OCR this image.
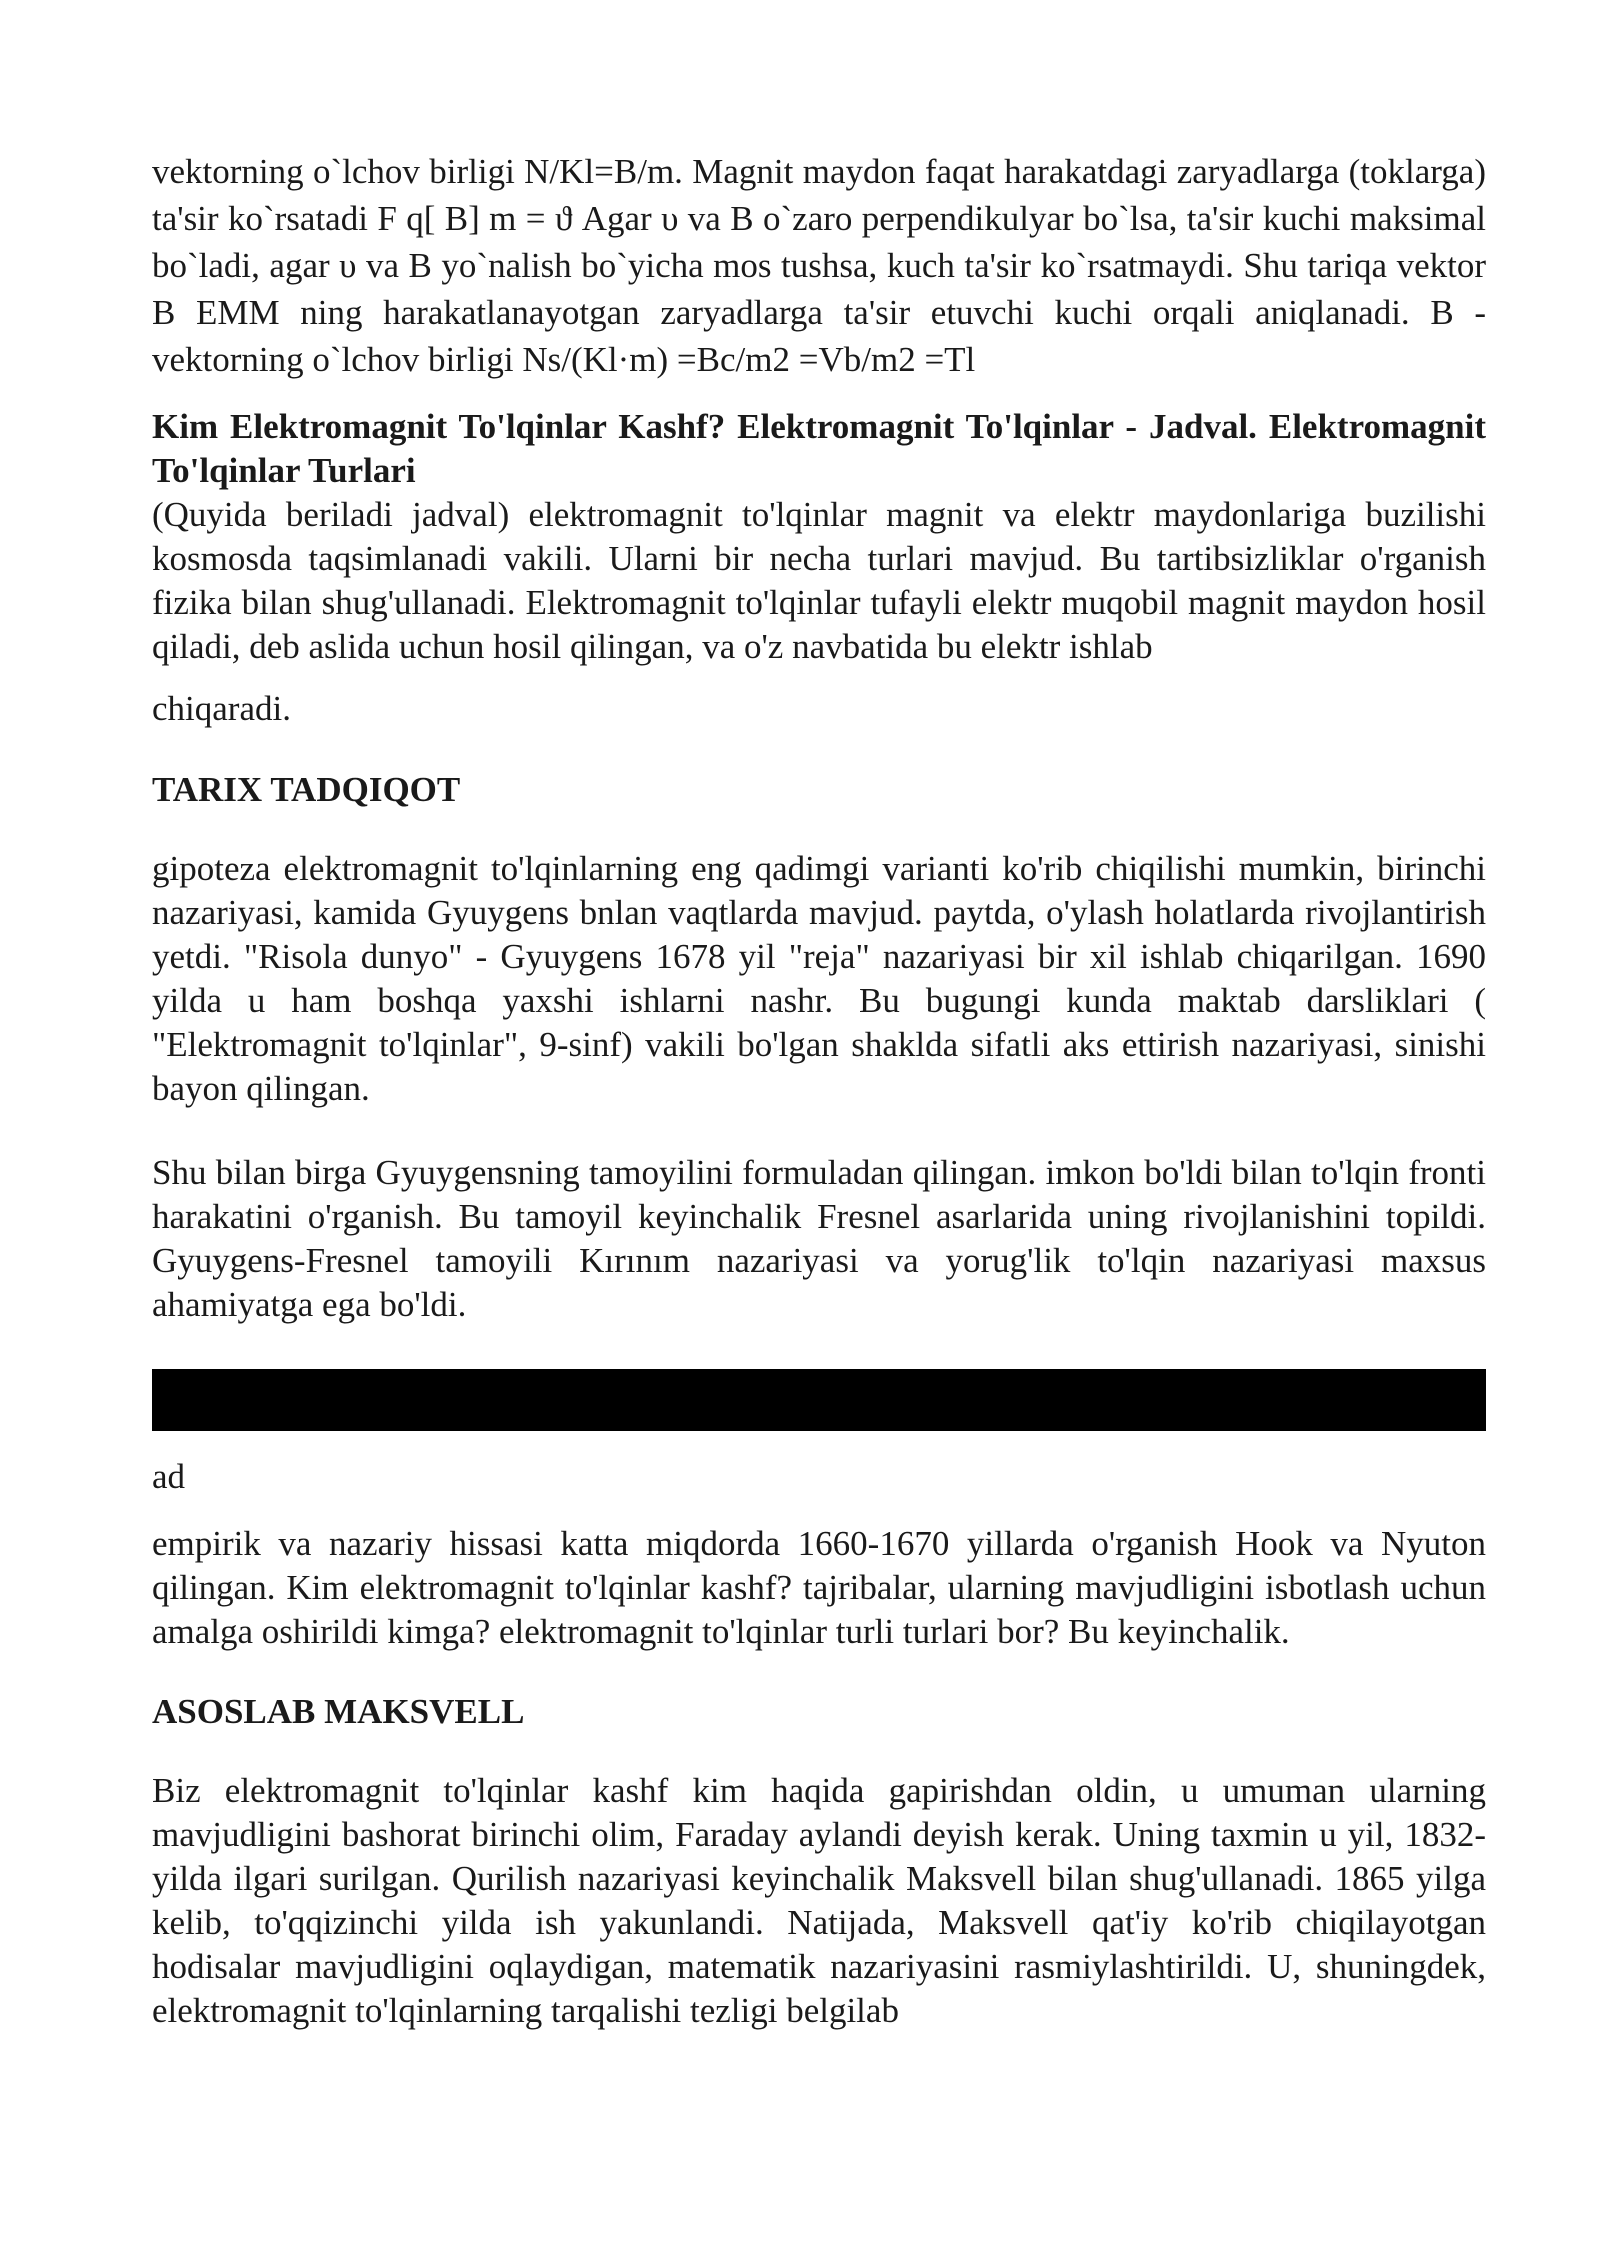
vektorning o`lchov birligi N/Kl=B/m. Magnit maydon faqat harakatdagi zaryadlarga (toklarga) ta'sir ko`rsatadi F q[ B] m = ϑ Agar υ va B o`zaro perpendikulyar bo`lsa, ta'sir kuchi maksimal bo`ladi, agar υ va B yo`nalish bo`yicha mos tushsa, kuch ta'sir ko`rsatmaydi. Shu tariqa vektor B EMM ning harakatlanayotgan zaryadlarga ta'sir etuvchi kuchi orqali aniqlanadi. B - vektorning o`lchov birligi Ns/(Kl·m) =Bc/m2 =Vb/m2 =Tl

Kim Elektromagnit To'lqinlar Kashf? Elektromagnit To'lqinlar - Jadval. Elektromagnit To'lqinlar Turlari

(Quyida beriladi jadval) elektromagnit to'lqinlar magnit va elektr maydonlariga buzilishi kosmosda taqsimlanadi vakili. Ularni bir necha turlari mavjud. Bu tartibsizliklar o'rganish fizika bilan shug'ullanadi. Elektromagnit to'lqinlar tufayli elektr muqobil magnit maydon hosil qiladi, deb aslida uchun hosil qilingan, va o'z navbatida bu elektr ishlab

chiqaradi.

TARIX TADQIQOT

gipoteza elektromagnit to'lqinlarning eng qadimgi varianti ko'rib chiqilishi mumkin, birinchi nazariyasi, kamida Gyuygens bnlan vaqtlarda mavjud. paytda, o'ylash holatlarda rivojlantirish yetdi. "Risola dunyo" - Gyuygens 1678 yil "reja" nazariyasi bir xil ishlab chiqarilgan. 1690 yilda u ham boshqa yaxshi ishlarni nashr. Bu bugungi kunda maktab darsliklari ( "Elektromagnit to'lqinlar", 9-sinf) vakili bo'lgan shaklda sifatli aks ettirish nazariyasi, sinishi bayon qilingan.

Shu bilan birga Gyuygensning tamoyilini formuladan qilingan. imkon bo'ldi bilan to'lqin fronti harakatini o'rganish. Bu tamoyil keyinchalik Fresnel asarlarida uning rivojlanishini topildi. Gyuygens-Fresnel tamoyili Kırınım nazariyasi va yorug'lik to'lqin nazariyasi maxsus ahamiyatga ega bo'ldi.

ad

empirik va nazariy hissasi katta miqdorda 1660-1670 yillarda o'rganish Hook va Nyuton qilingan. Kim elektromagnit to'lqinlar kashf? tajribalar, ularning mavjudligini isbotlash uchun amalga oshirildi kimga? elektromagnit to'lqinlar turli turlari bor? Bu keyinchalik.

ASOSLAB MAKSVELL

Biz elektromagnit to'lqinlar kashf kim haqida gapirishdan oldin, u umuman ularning mavjudligini bashorat birinchi olim, Faraday aylandi deyish kerak. Uning taxmin u yil, 1832-yilda ilgari surilgan. Qurilish nazariyasi keyinchalik Maksvell bilan shug'ullanadi. 1865 yilga kelib, to'qqizinchi yilda ish yakunlandi. Natijada, Maksvell qat'iy ko'rib chiqilayotgan hodisalar mavjudligini oqlaydigan, matematik nazariyasini rasmiylashtirildi. U, shuningdek, elektromagnit to'lqinlarning tarqalishi tezligi belgilab
